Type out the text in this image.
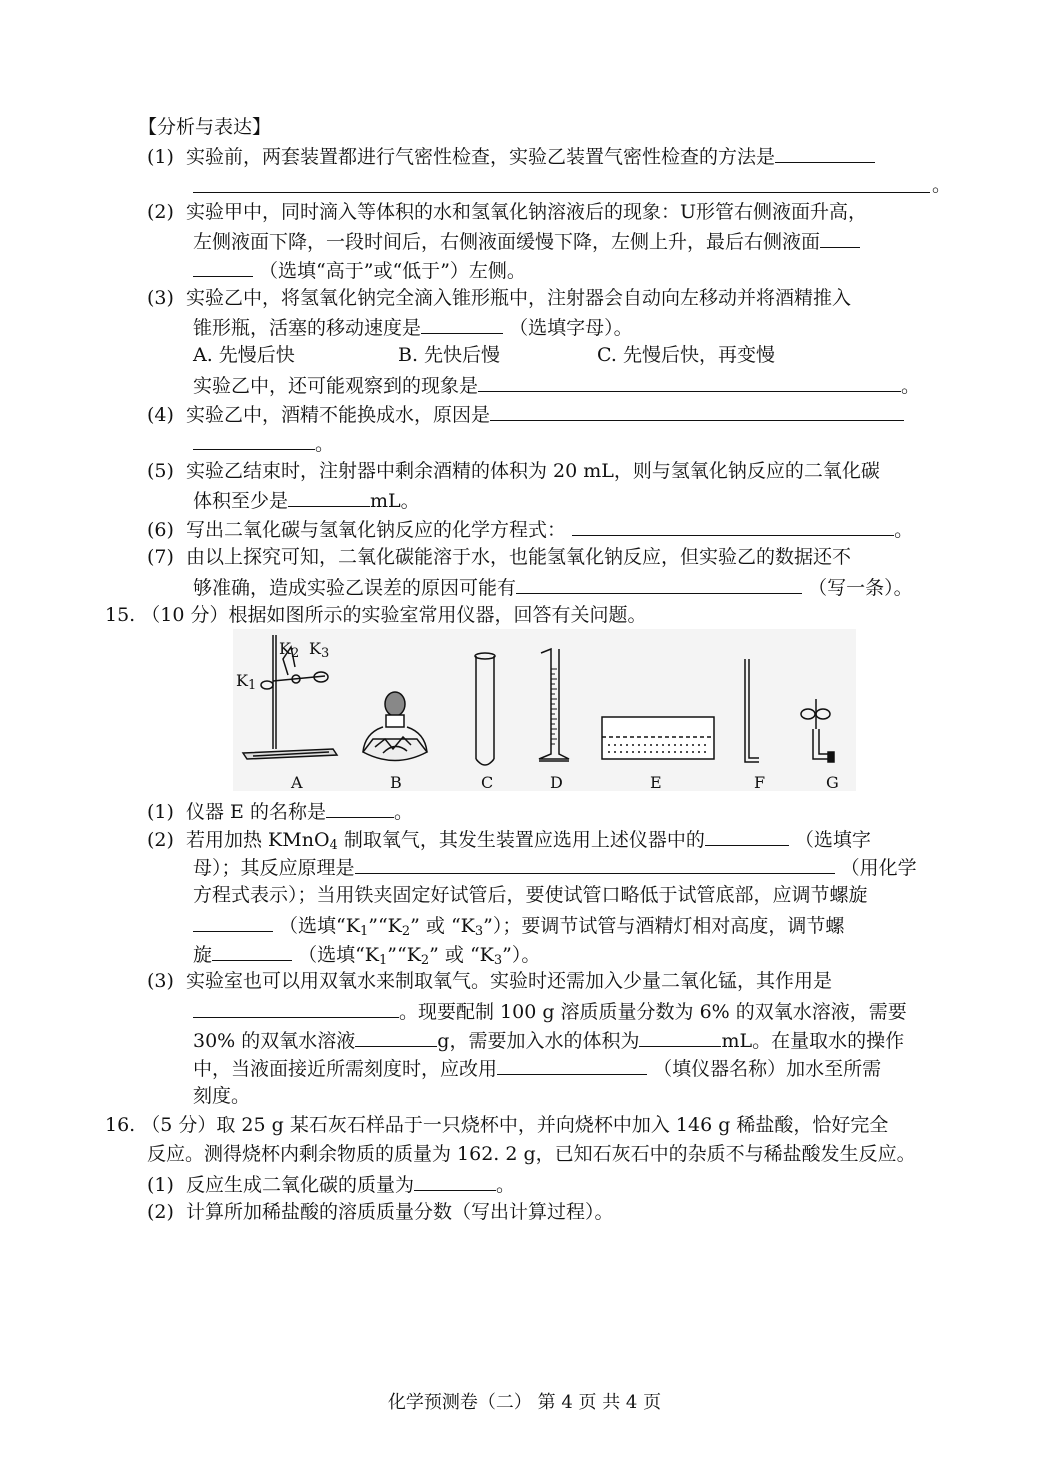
【分析与表达】
(1) 实验前，两套装置都进行气密性检查，实验乙装置气密性检查的方法是
。
(2) 实验甲中，同时滴入等体积的水和氢氧化钠溶液后的现象：U形管右侧液面升高，
左侧液面下降，一段时间后，右侧液面缓慢下降，左侧上升，最后右侧液面
（选填“高于”或“低于”）左侧。
(3) 实验乙中，将氢氧化钠完全滴入锥形瓶中，注射器会自动向左移动并将酒精推入
锥形瓶，活塞的移动速度是	（选填字母）。
A. 先慢后快	B. 先快后慢	C. 先慢后快，再变慢
实验乙中，还可能观察到的现象是	。
(4) 实验乙中，酒精不能换成水，原因是
。
(5) 实验乙结束时，注射器中剩余酒精的体积为 20 mL，则与氢氧化钠反应的二氧化碳
体积至少是	mL。
(6) 写出二氧化碳与氢氧化钠反应的化学方程式：	。
(7) 由以上探究可知，二氧化碳能溶于水，也能氢氧化钠反应，但实验乙的数据还不
够准确，造成实验乙误差的原因可能有	（写一条）。
15. （10 分）根据如图所示的实验室常用仪器，回答有关问题。
$K_1$
$K_2$ $K_3$
A	B	C	D	E	F	G
(1) 仪器 E 的名称是	。
(2) 若用加热 KMnO$_4$ 制取氧气，其发生装置应选用上述仪器中的	（选填字
母）；其反应原理是	（用化学
方程式表示）；当用铁夹固定好试管后，要使试管口略低于试管底部，应调节螺旋
（选填“$K_1”“K_2$” 或 “$K_3$”）；要调节试管与酒精灯相对高度，调节螺
旋	（选填“$K_1”“K_2$” 或 “$K_3$”）。
(3) 实验室也可以用双氧水来制取氧气。实验时还需加入少量二氧化锰，其作用是
。现要配制 100 g 溶质质量分数为 6% 的双氧水溶液，需要
30% 的双氧水溶液	g，需要加入水的体积为	mL。在量取水的操作
中，当液面接近所需刻度时，应改用	（填仪器名称）加水至所需
刻度。
16. （5 分）取 25 g 某石灰石样品于一只烧杯中，并向烧杯中加入 146 g 稀盐酸，恰好完全
反应。测得烧杯内剩余物质的质量为 162. 2 g，已知石灰石中的杂质不与稀盐酸发生反应。
(1) 反应生成二氧化碳的质量为	。
(2) 计算所加稀盐酸的溶质质量分数（写出计算过程）。
化学预测卷（二） 第 4 页 共 4 页
